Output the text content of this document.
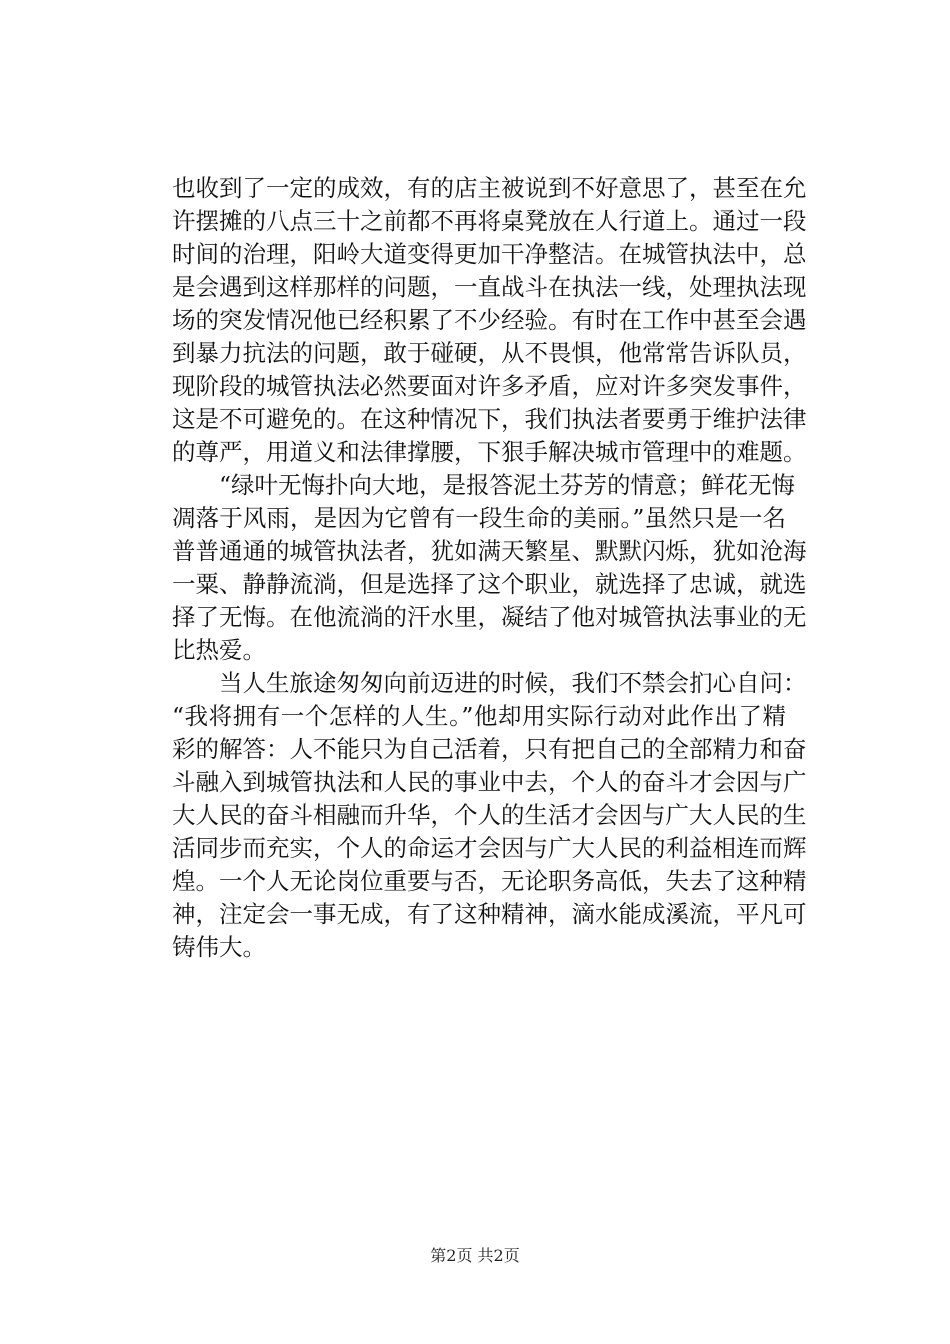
也收到了一定的成效，有的店主被说到不好意思了，甚至在允
许摆摊的八点三十之前都不再将桌凳放在人行道上。通过一段
时间的治理，阳岭大道变得更加干净整洁。在城管执法中，总
是会遇到这样那样的问题，一直战斗在执法一线，处理执法现
场的突发情况他已经积累了不少经验。有时在工作中甚至会遇
到暴力抗法的问题，敢于碰硬，从不畏惧，他常常告诉队员，
现阶段的城管执法必然要面对许多矛盾，应对许多突发事件，
这是不可避免的。在这种情况下，我们执法者要勇于维护法律
的尊严，用道义和法律撑腰，下狠手解决城市管理中的难题。
“绿叶无悔扑向大地，是报答泥土芬芳的情意；鲜花无悔
凋落于风雨，是因为它曾有一段生命的美丽。”虽然只是一名
普普通通的城管执法者，犹如满天繁星、默默闪烁，犹如沧海
一粟、静静流淌，但是选择了这个职业，就选择了忠诚，就选
择了无悔。在他流淌的汗水里，凝结了他对城管执法事业的无
比热爱。
当人生旅途匆匆向前迈进的时候，我们不禁会扪心自问：
“我将拥有一个怎样的人生。”他却用实际行动对此作出了精
彩的解答：人不能只为自己活着，只有把自己的全部精力和奋
斗融入到城管执法和人民的事业中去，个人的奋斗才会因与广
大人民的奋斗相融而升华，个人的生活才会因与广大人民的生
活同步而充实，个人的命运才会因与广大人民的利益相连而辉
煌。一个人无论岗位重要与否，无论职务高低，失去了这种精
神，注定会一事无成，有了这种精神，滴水能成溪流，平凡可
铸伟大。
第2页 共2页
